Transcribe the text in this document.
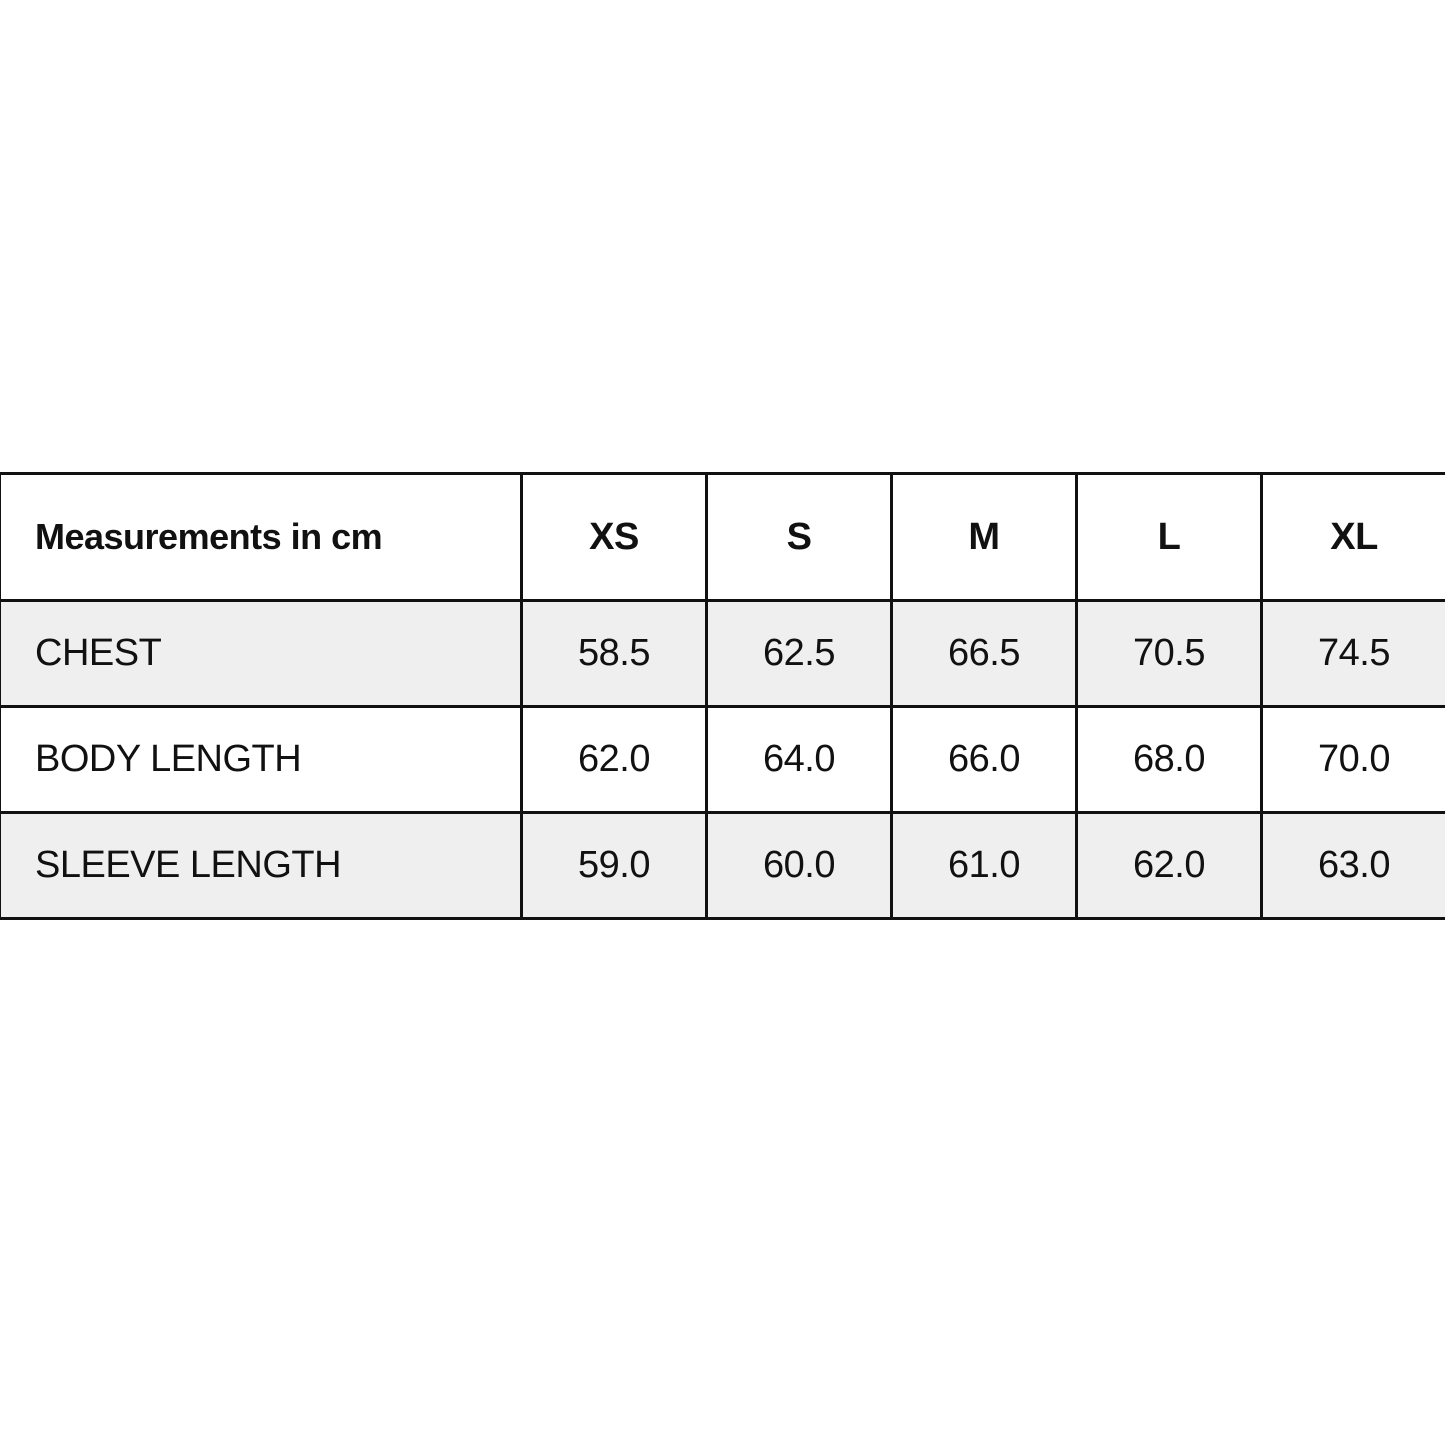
Measurements in cm	XS	S	M	L	XL
CHEST	58.5	62.5	66.5	70.5	74.5
BODY LENGTH	62.0	64.0	66.0	68.0	70.0
SLEEVE LENGTH	59.0	60.0	61.0	62.0	63.0
